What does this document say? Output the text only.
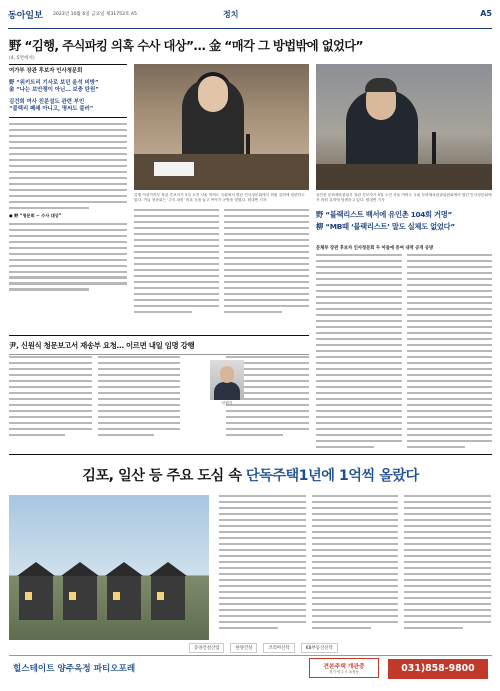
동아일보 2023년 10월 6일 금요일 제31753호 A5	정치	A5
野 “김행, 주식파킹 의혹 수사 대상”… 金 “매각 그 방법밖에 없었다”
(4, 5면에서)
여가부 장관 후보자 인사청문회
野 “위키트리 기사로 보던 윤석 비방”
金 “나는 보안쟁이 아닌… 보충 탄원”
김건희 여사 친분설도 관련 부인
“블랙리 폐쇄 아니고, 명씨도 불러”
● 野 “청문회 ~ 수사 대상”
김행 여성가족부 장관 후보자가 5일 오전 서울 여의도 국회에서 열린 인사청문회에서 의원 질의에 답변하고 있다. 이날 청문회는 '주식 파킹' 의혹 등을 놓고 여야가 공방을 벌였다. 원대연 기자
유인촌 문화체육관광부 장관 후보자가 5일 오전 서울 여의도 국회 문화체육관광위원회에서 열린 인사청문회에서 의원 질의에 답변하고 있다. 원대연 기자
野 “블랙리스트 백서에 유인촌 104회 거명”
柳 “MB때 ‘블랙리스트’ 말도 실체도 없었다”
문체부 장관 후보자 인사청문회 두 아들에 증여 내역 공개 공방
尹, 신원식 청문보고서 재송부 요청… 이르면 내일 임명 강행
신원식
김포, 일산 등 주요 도심 속 단독주택1년에 1억씩 올랐다
동양건설산업	한양건설	코리아신탁	KB부동산신탁
힐스테이트 양주옥정 파티오포레	견본주택 개관중
경기 양주시 옥정동	031)858-9800
